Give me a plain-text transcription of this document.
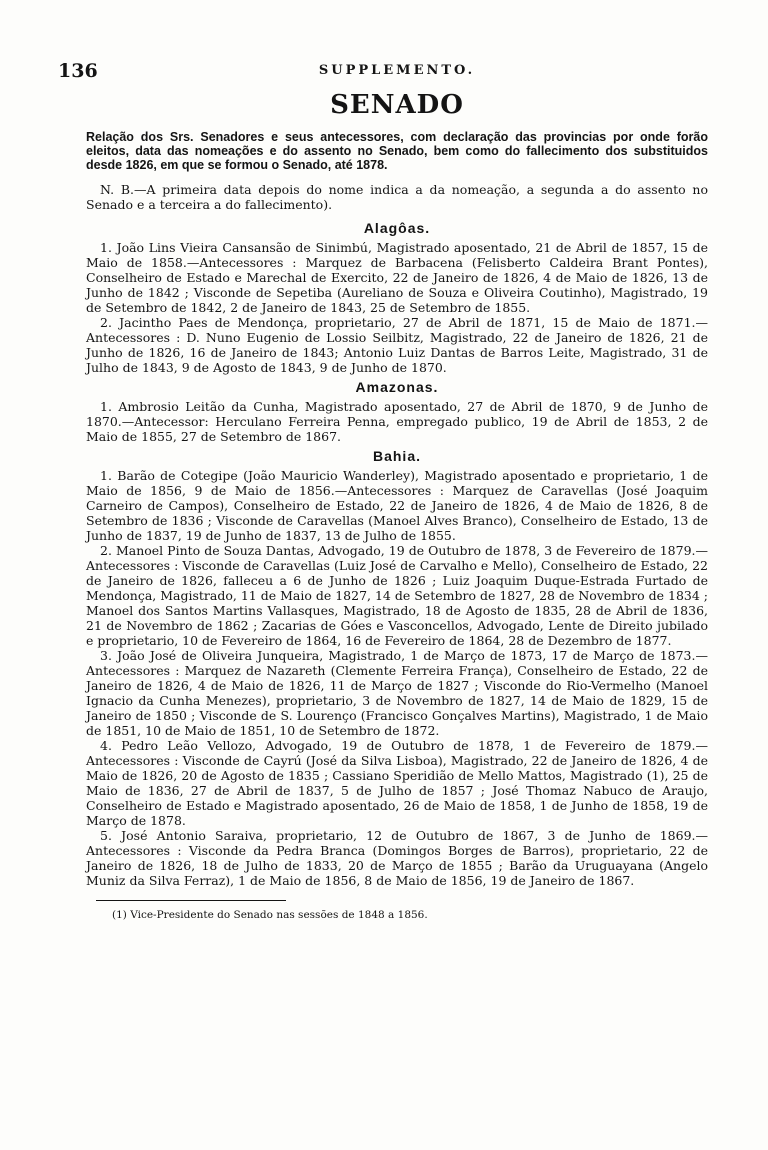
136	SUPPLEMENTO.
SENADO
Relação dos Srs. Senadores e seus antecessores, com declaração das provincias por onde forão eleitos, data das nomeações e do assento no Senado, bem como do fallecimento dos substituidos desde 1826, em que se formou o Senado, até 1878.
N. B.—A primeira data depois do nome indica a da nomeação, a segunda a do assento no Senado e a terceira a do fallecimento).
Alagôas.

1. João Lins Vieira Cansansão de Sinimbú, Magistrado aposentado, 21 de Abril de 1857, 15 de Maio de 1858.—Antecessores : Marquez de Barbacena (Felisberto Caldeira Brant Pontes), Conselheiro de Estado e Marechal de Exercito, 22 de Janeiro de 1826, 4 de Maio de 1826, 13 de Junho de 1842 ; Visconde de Sepetiba (Aureliano de Souza e Oliveira Coutinho), Magistrado, 19 de Setembro de 1842, 2 de Janeiro de 1843, 25 de Setembro de 1855.

2. Jacintho Paes de Mendonça, proprietario, 27 de Abril de 1871, 15 de Maio de 1871.—Antecessores : D. Nuno Eugenio de Lossio Seilbitz, Magistrado, 22 de Janeiro de 1826, 21 de Junho de 1826, 16 de Janeiro de 1843; Antonio Luiz Dantas de Barros Leite, Magistrado, 31 de Julho de 1843, 9 de Agosto de 1843, 9 de Junho de 1870.

Amazonas.

1. Ambrosio Leitão da Cunha, Magistrado aposentado, 27 de Abril de 1870, 9 de Junho de 1870.—Antecessor: Herculano Ferreira Penna, empregado publico, 19 de Abril de 1853, 2 de Maio de 1855, 27 de Setembro de 1867.

Bahia.

1. Barão de Cotegipe (João Mauricio Wanderley), Magistrado aposentado e proprietario, 1 de Maio de 1856, 9 de Maio de 1856.—Antecessores : Marquez de Caravellas (José Joaquim Carneiro de Campos), Conselheiro de Estado, 22 de Janeiro de 1826, 4 de Maio de 1826, 8 de Setembro de 1836 ; Visconde de Caravellas (Manoel Alves Branco), Conselheiro de Estado, 13 de Junho de 1837, 19 de Junho de 1837, 13 de Julho de 1855.

2. Manoel Pinto de Souza Dantas, Advogado, 19 de Outubro de 1878, 3 de Fevereiro de 1879.—Antecessores : Visconde de Caravellas (Luiz José de Carvalho e Mello), Conselheiro de Estado, 22 de Janeiro de 1826, falleceu a 6 de Junho de 1826 ; Luiz Joaquim Duque-Estrada Furtado de Mendonça, Magistrado, 11 de Maio de 1827, 14 de Setembro de 1827, 28 de Novembro de 1834 ; Manoel dos Santos Martins Vallasques, Magistrado, 18 de Agosto de 1835, 28 de Abril de 1836, 21 de Novembro de 1862 ; Zacarias de Góes e Vasconcellos, Advogado, Lente de Direito jubilado e proprietario, 10 de Fevereiro de 1864, 16 de Fevereiro de 1864, 28 de Dezembro de 1877.

3. João José de Oliveira Junqueira, Magistrado, 1 de Março de 1873, 17 de Março de 1873.—Antecessores : Marquez de Nazareth (Clemente Ferreira França), Conselheiro de Estado, 22 de Janeiro de 1826, 4 de Maio de 1826, 11 de Março de 1827 ; Visconde do Rio-Vermelho (Manoel Ignacio da Cunha Menezes), proprietario, 3 de Novembro de 1827, 14 de Maio de 1829, 15 de Janeiro de 1850 ; Visconde de S. Lourenço (Francisco Gonçalves Martins), Magistrado, 1 de Maio de 1851, 10 de Maio de 1851, 10 de Setembro de 1872.

4. Pedro Leão Vellozo, Advogado, 19 de Outubro de 1878, 1 de Fevereiro de 1879.—Antecessores : Visconde de Cayrú (José da Silva Lisboa), Magistrado, 22 de Janeiro de 1826, 4 de Maio de 1826, 20 de Agosto de 1835 ; Cassiano Speridião de Mello Mattos, Magistrado (1), 25 de Maio de 1836, 27 de Abril de 1837, 5 de Julho de 1857 ; José Thomaz Nabuco de Araujo, Conselheiro de Estado e Magistrado aposentado, 26 de Maio de 1858, 1 de Junho de 1858, 19 de Março de 1878.

5. José Antonio Saraiva, proprietario, 12 de Outubro de 1867, 3 de Junho de 1869.—Antecessores : Visconde da Pedra Branca (Domingos Borges de Barros), proprietario, 22 de Janeiro de 1826, 18 de Julho de 1833, 20 de Março de 1855 ; Barão da Uruguayana (Angelo Muniz da Silva Ferraz), 1 de Maio de 1856, 8 de Maio de 1856, 19 de Janeiro de 1867.

(1) Vice-Presidente do Senado nas sessões de 1848 a 1856.
